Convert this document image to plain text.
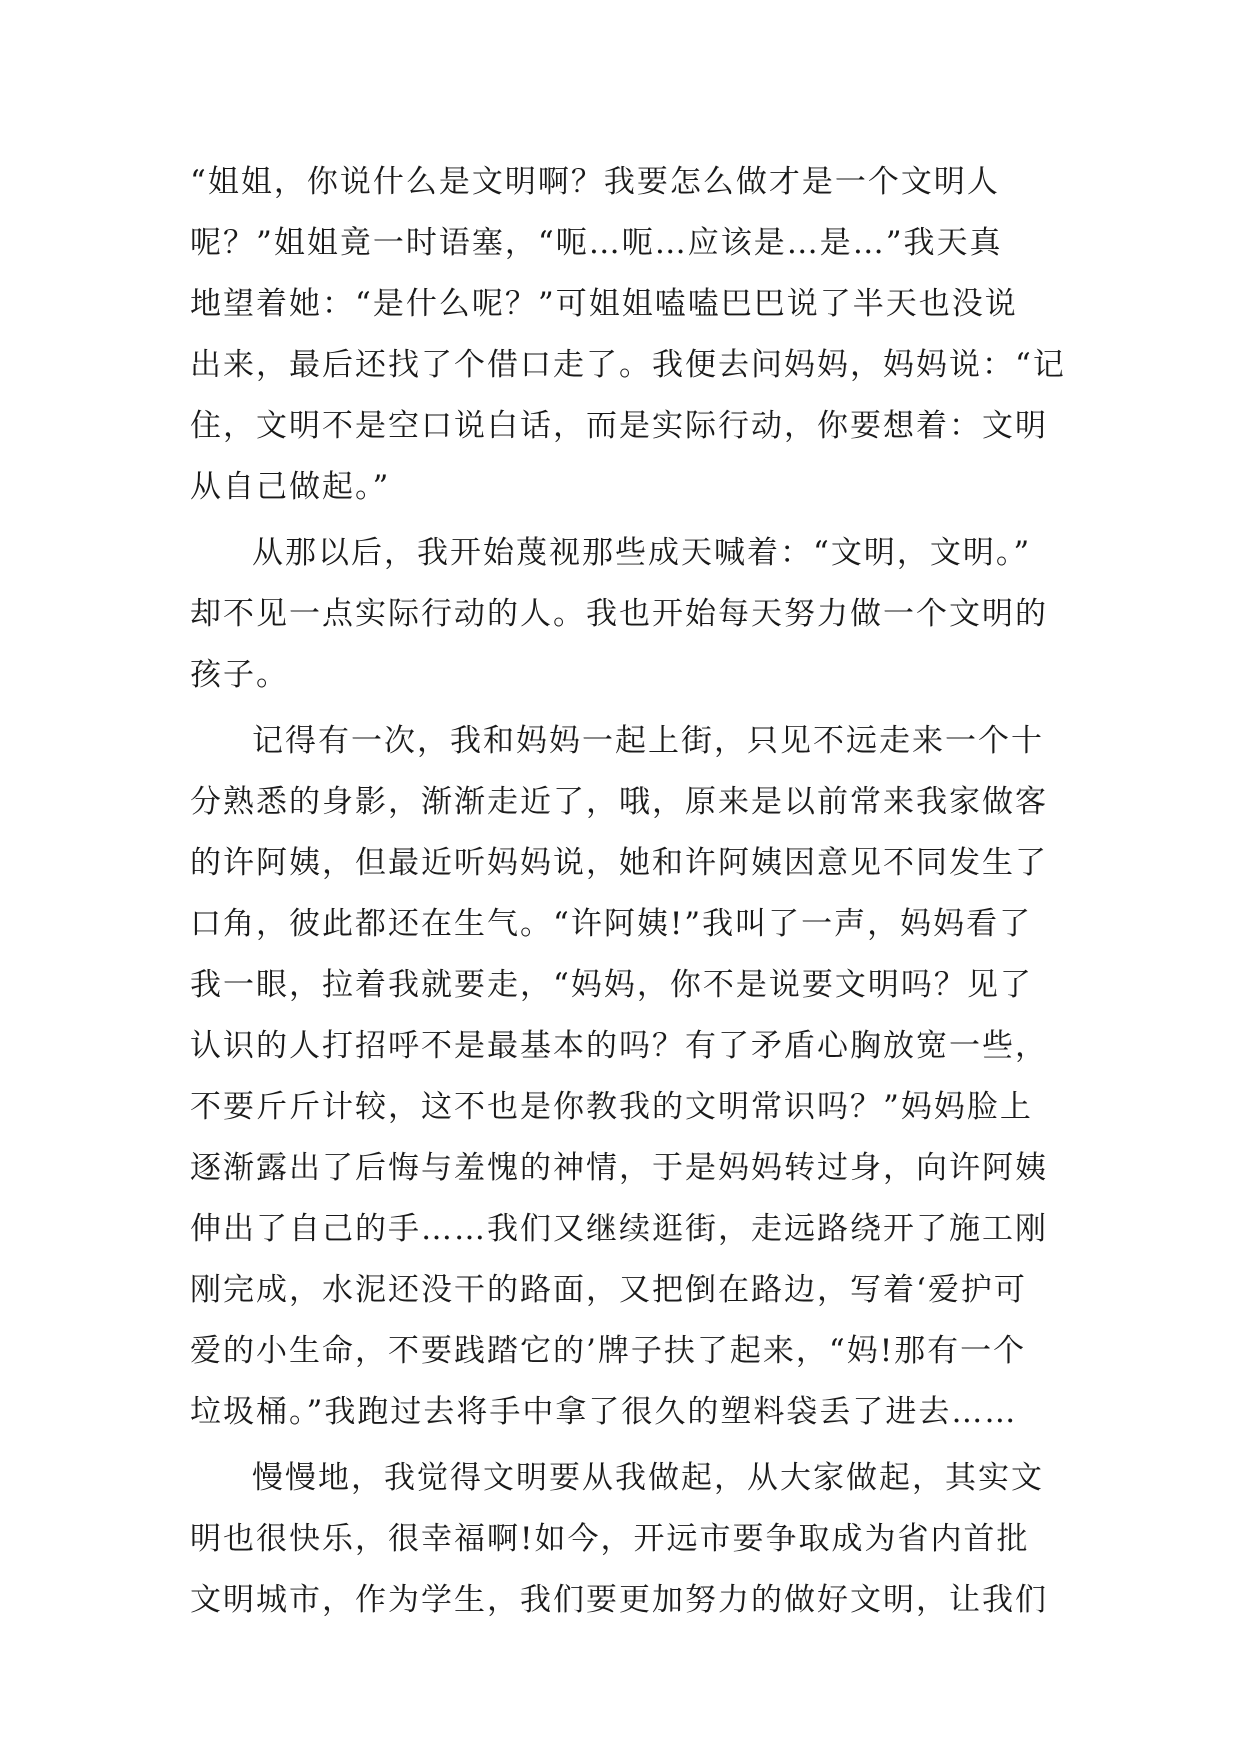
“姐姐，你说什么是文明啊？我要怎么做才是一个文明人
呢？”姐姐竟一时语塞，“呃…呃…应该是…是…”我天真
地望着她：“是什么呢？”可姐姐嗑嗑巴巴说了半天也没说
出来，最后还找了个借口走了。我便去问妈妈，妈妈说：“记
住，文明不是空口说白话，而是实际行动，你要想着：文明
从自己做起。”
从那以后，我开始蔑视那些成天喊着：“文明，文明。”
却不见一点实际行动的人。我也开始每天努力做一个文明的
孩子。
记得有一次，我和妈妈一起上街，只见不远走来一个十
分熟悉的身影，渐渐走近了，哦，原来是以前常来我家做客
的许阿姨，但最近听妈妈说，她和许阿姨因意见不同发生了
口角，彼此都还在生气。“许阿姨!”我叫了一声，妈妈看了
我一眼，拉着我就要走，“妈妈，你不是说要文明吗？见了
认识的人打招呼不是最基本的吗？有了矛盾心胸放宽一些，
不要斤斤计较，这不也是你教我的文明常识吗？”妈妈脸上
逐渐露出了后悔与羞愧的神情，于是妈妈转过身，向许阿姨
伸出了自己的手……我们又继续逛街，走远路绕开了施工刚
刚完成，水泥还没干的路面，又把倒在路边，写着‘爱护可
爱的小生命，不要践踏它的’牌子扶了起来，“妈!那有一个
垃圾桶。”我跑过去将手中拿了很久的塑料袋丢了进去……
慢慢地，我觉得文明要从我做起，从大家做起，其实文
明也很快乐，很幸福啊!如今，开远市要争取成为省内首批
文明城市，作为学生，我们要更加努力的做好文明，让我们
